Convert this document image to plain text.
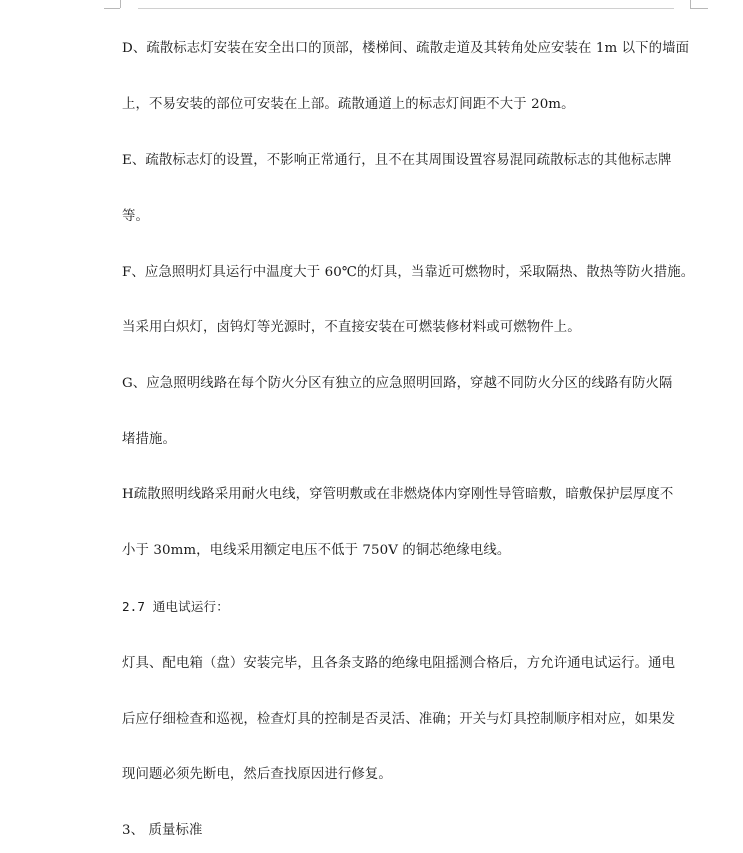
D、疏散标志灯安装在安全出口的顶部，楼梯间、疏散走道及其转角处应安装在 1m 以下的墙面
上，不易安装的部位可安装在上部。疏散通道上的标志灯间距不大于 20m。
E、疏散标志灯的设置，不影响正常通行，且不在其周围设置容易混同疏散标志的其他标志牌
等。
F、应急照明灯具运行中温度大于 60℃的灯具，当靠近可燃物时，采取隔热、散热等防火措施。
当采用白炽灯，卤钨灯等光源时，不直接安装在可燃装修材料或可燃物件上。
G、应急照明线路在每个防火分区有独立的应急照明回路，穿越不同防火分区的线路有防火隔
堵措施。
H疏散照明线路采用耐火电线，穿管明敷或在非燃烧体内穿刚性导管暗敷，暗敷保护层厚度不
小于 30mm，电线采用额定电压不低于 750V 的铜芯绝缘电线。
2.7 通电试运行：
灯具、配电箱（盘）安装完毕，且各条支路的绝缘电阻摇测合格后，方允许通电试运行。通电
后应仔细检查和巡视，检查灯具的控制是否灵活、准确；开关与灯具控制顺序相对应，如果发
现问题必须先断电，然后查找原因进行修复。
3、 质量标准
